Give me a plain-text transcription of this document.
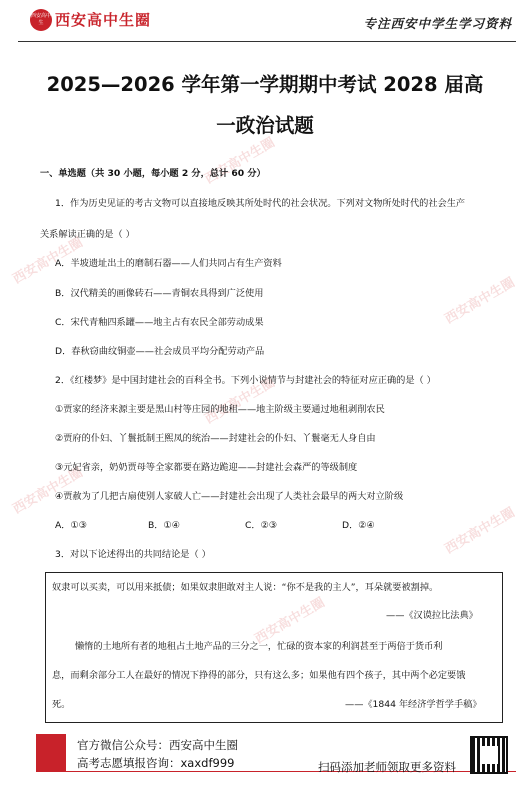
西安高中生 西安高中生圈	专注西安中学生学习资料
西安高中生圈
西安高中生圈
西安高中生圈
西安高中生圈
西安高中生圈
西安高中生圈
西安高中生圈
2025—2026 学年第一学期期中考试 2028 届高
一政治试题
一、单选题（共 30 小题，每小题 2 分，总计 60 分）
1．作为历史见证的考古文物可以直接地反映其所处时代的社会状况。下列对文物所处时代的社会生产
关系解读正确的是（ ）
A．半坡遗址出土的磨制石器——人们共同占有生产资料
B．汉代精美的画像砖石——青铜农具得到广泛使用
C．宋代青釉四系罐——地主占有农民全部劳动成果
D．春秋窃曲纹铜壶——社会成员平均分配劳动产品
2．《红楼梦》是中国封建社会的百科全书。下列小说情节与封建社会的特征对应正确的是（ ）
①贾家的经济来源主要是黑山村等庄园的地租——地主阶级主要通过地租剥削农民
②贾府的仆妇、丫鬟抵制王熙凤的统治——封建社会的仆妇、丫鬟毫无人身自由
③元妃省亲，奶奶贾母等全家都要在路边跪迎——封建社会森严的等级制度
④贾赦为了几把古扇使别人家破人亡——封建社会出现了人类社会最早的两大对立阶级
A．①③	B．①④	C．②③	D．②④
3．对以下论述得出的共同结论是（ ）
奴隶可以买卖，可以用来抵债；如果奴隶胆敢对主人说：“你不是我的主人”，耳朵就要被割掉。
——《汉谟拉比法典》
懒惰的土地所有者的地租占土地产品的三分之一，忙碌的资本家的利润甚至于两倍于货币利
息，而剩余部分工人在最好的情况下挣得的部分，只有这么多；如果他有四个孩子，其中两个必定要饿
死。	——《1844 年经济学哲学手稿》
官方微信公众号：西安高中生圈
高考志愿填报咨询：xaxdf999	扫码添加老师领取更多资料
